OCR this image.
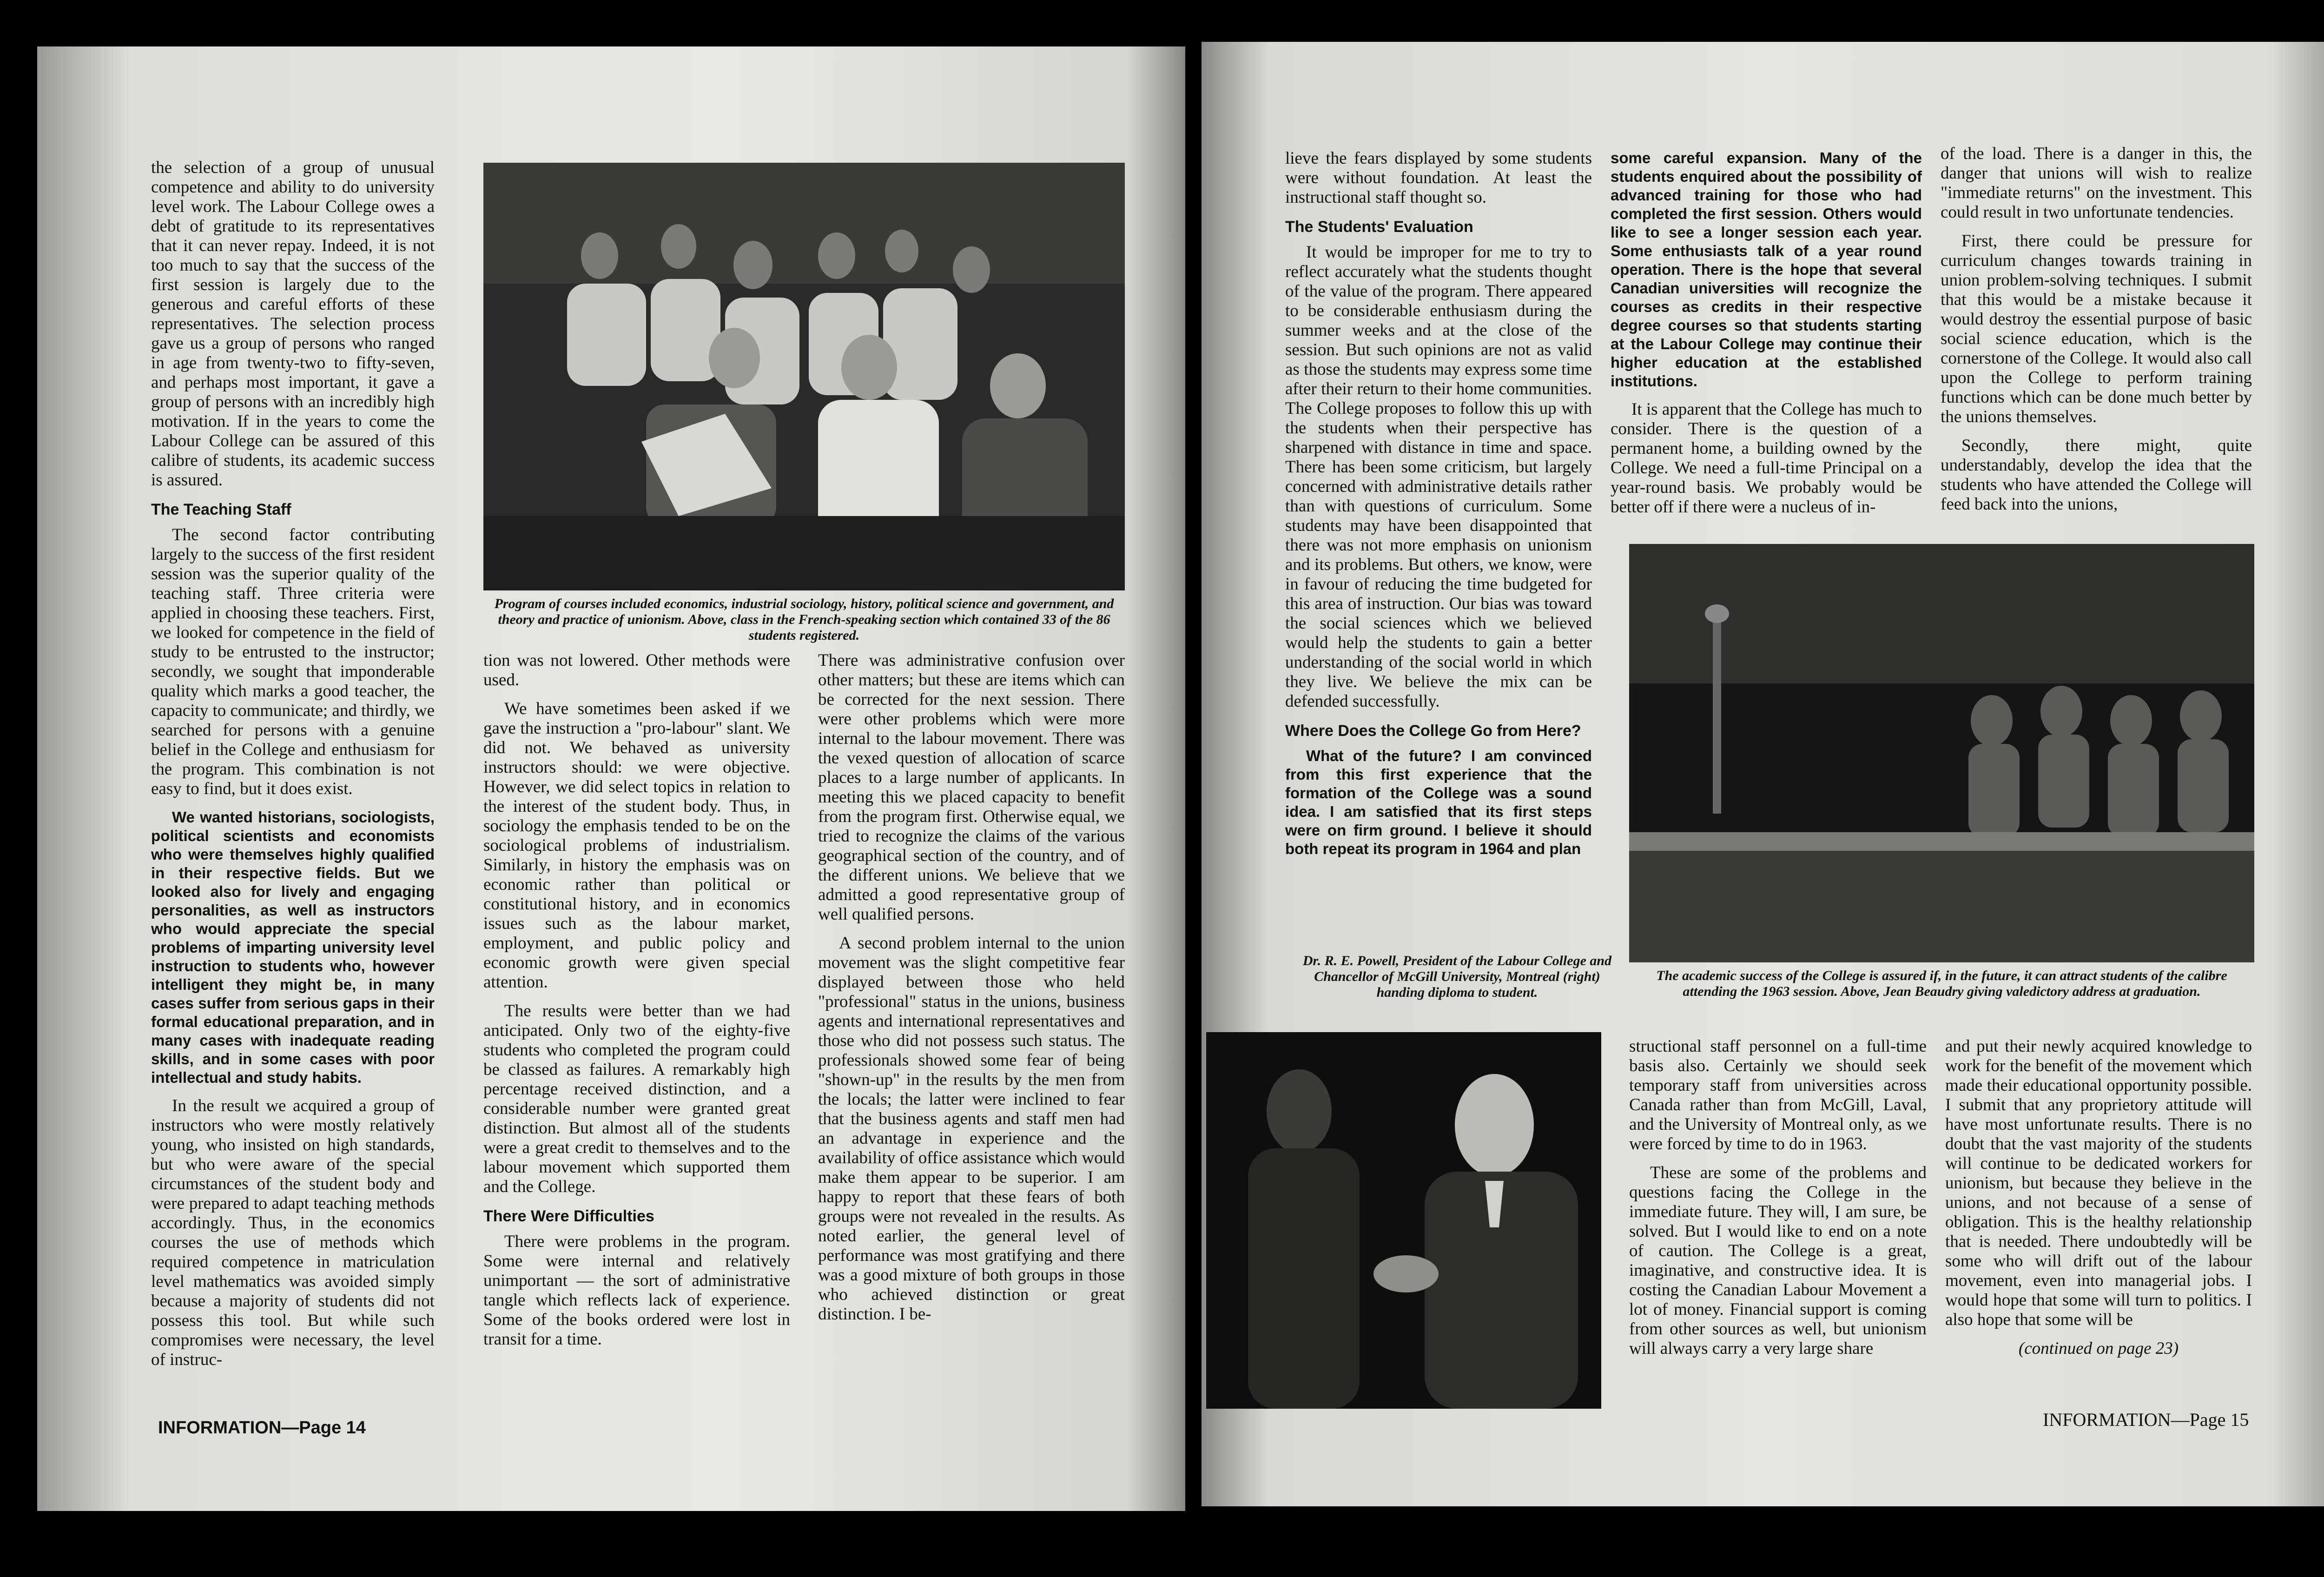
the selection of a group of unusual competence and ability to do university level work. The Labour College owes a debt of gratitude to its representatives that it can never repay. Indeed, it is not too much to say that the success of the first session is largely due to the generous and careful efforts of these representatives. The selection process gave us a group of persons who ranged in age from twenty-two to fifty-seven, and perhaps most important, it gave a group of persons with an incredibly high motivation. If in the years to come the Labour College can be assured of this calibre of students, its academic success is assured.

The Teaching Staff

The second factor contributing largely to the success of the first resident session was the superior quality of the teaching staff. Three criteria were applied in choosing these teachers. First, we looked for competence in the field of study to be entrusted to the instructor; secondly, we sought that imponderable quality which marks a good teacher, the capacity to communicate; and thirdly, we searched for persons with a genuine belief in the College and enthusiasm for the program. This combination is not easy to find, but it does exist.

We wanted historians, sociologists, political scientists and economists who were themselves highly qualified in their respective fields. But we looked also for lively and engaging personalities, as well as instructors who would appreciate the special problems of imparting university level instruction to students who, however intelligent they might be, in many cases suffer from serious gaps in their formal educational preparation, and in many cases with inadequate reading skills, and in some cases with poor intellectual and study habits.

In the result we acquired a group of instructors who were mostly relatively young, who insisted on high standards, but who were aware of the special circumstances of the student body and were prepared to adapt teaching methods accordingly. Thus, in the economics courses the use of methods which required competence in matriculation level mathematics was avoided simply because a majority of students did not possess this tool. But while such compromises were necessary, the level of instruc-

Program of courses included economics, industrial sociology, history, political science and government, and theory and practice of unionism. Above, class in the French-speaking section which contained 33 of the 86 students registered.

tion was not lowered. Other methods were used.

We have sometimes been asked if we gave the instruction a "pro-labour" slant. We did not. We behaved as university instructors should: we were objective. However, we did select topics in relation to the interest of the student body. Thus, in sociology the emphasis tended to be on the sociological problems of industrialism. Similarly, in history the emphasis was on economic rather than political or constitutional history, and in economics issues such as the labour market, employment, and public policy and economic growth were given special attention.

The results were better than we had anticipated. Only two of the eighty-five students who completed the program could be classed as failures. A remarkably high percentage received distinction, and a considerable number were granted great distinction. But almost all of the students were a great credit to themselves and to the labour movement which supported them and the College.

There Were Difficulties

There were problems in the program. Some were internal and relatively unimportant — the sort of administrative tangle which reflects lack of experience. Some of the books ordered were lost in transit for a time.

There was administrative confusion over other matters; but these are items which can be corrected for the next session. There were other problems which were more internal to the labour movement. There was the vexed question of allocation of scarce places to a large number of applicants. In meeting this we placed capacity to benefit from the program first. Otherwise equal, we tried to recognize the claims of the various geographical section of the country, and of the different unions. We believe that we admitted a good representative group of well qualified persons.

A second problem internal to the union movement was the slight competitive fear displayed between those who held "professional" status in the unions, business agents and international representatives and those who did not possess such status. The professionals showed some fear of being "shown-up" in the results by the men from the locals; the latter were inclined to fear that the business agents and staff men had an advantage in experience and the availability of office assistance which would make them appear to be superior. I am happy to report that these fears of both groups were not revealed in the results. As noted earlier, the general level of performance was most gratifying and there was a good mixture of both groups in those who achieved distinction or great distinction. I be-

INFORMATION—Page 14

lieve the fears displayed by some students were without foundation. At least the instructional staff thought so.

The Students' Evaluation

It would be improper for me to try to reflect accurately what the students thought of the value of the program. There appeared to be considerable enthusiasm during the summer weeks and at the close of the session. But such opinions are not as valid as those the students may express some time after their return to their home communities. The College proposes to follow this up with the students when their perspective has sharpened with distance in time and space. There has been some criticism, but largely concerned with administrative details rather than with questions of curriculum. Some students may have been disappointed that there was not more emphasis on unionism and its problems. But others, we know, were in favour of reducing the time budgeted for this area of instruction. Our bias was toward the social sciences which we believed would help the students to gain a better understanding of the social world in which they live. We believe the mix can be defended successfully.

Where Does the College Go from Here?

What of the future? I am convinced from this first experience that the formation of the College was a sound idea. I am satisfied that its first steps were on firm ground. I believe it should both repeat its program in 1964 and plan

some careful expansion. Many of the students enquired about the possibility of advanced training for those who had completed the first session. Others would like to see a longer session each year. Some enthusiasts talk of a year round operation. There is the hope that several Canadian universities will recognize the courses as credits in their respective degree courses so that students starting at the Labour College may continue their higher education at the established institutions.

It is apparent that the College has much to consider. There is the question of a permanent home, a building owned by the College. We need a full-time Principal on a year-round basis. We probably would be better off if there were a nucleus of in-

of the load. There is a danger in this, the danger that unions will wish to realize "immediate returns" on the investment. This could result in two unfortunate tendencies.

First, there could be pressure for curriculum changes towards training in union problem-solving techniques. I submit that this would be a mistake because it would destroy the essential purpose of basic social science education, which is the cornerstone of the College. It would also call upon the College to perform training functions which can be done much better by the unions themselves.

Secondly, there might, quite understandably, develop the idea that the students who have attended the College will feed back into the unions,

The academic success of the College is assured if, in the future, it can attract students of the calibre attending the 1963 session. Above, Jean Beaudry giving valedictory address at graduation.

structional staff personnel on a full-time basis also. Certainly we should seek temporary staff from universities across Canada rather than from McGill, Laval, and the University of Montreal only, as we were forced by time to do in 1963.

These are some of the problems and questions facing the College in the immediate future. They will, I am sure, be solved. But I would like to end on a note of caution. The College is a great, imaginative, and constructive idea. It is costing the Canadian Labour Movement a lot of money. Financial support is coming from other sources as well, but unionism will always carry a very large share

and put their newly acquired knowledge to work for the benefit of the movement which made their educational opportunity possible. I submit that any proprietory attitude will have most unfortunate results. There is no doubt that the vast majority of the students will continue to be dedicated workers for unionism, but because they believe in the unions, and not because of a sense of obligation. This is the healthy relationship that is needed. There undoubtedly will be some who will drift out of the labour movement, even into managerial jobs. I would hope that some will turn to politics. I also hope that some will be

(continued on page 23)

INFORMATION—Page 15
Dr. R. E. Powell, President of the Labour College and Chancellor of McGill University, Montreal (right) handing diploma to student.
